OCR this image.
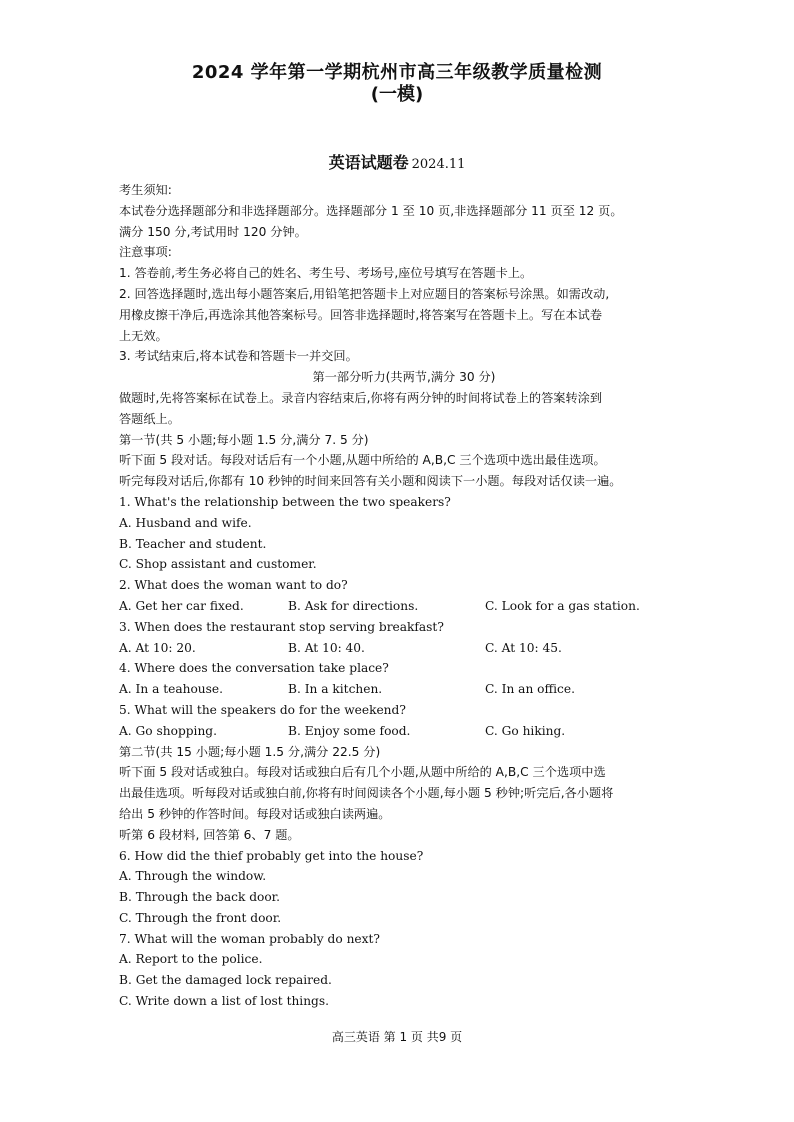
2024 学年第一学期杭州市高三年级教学质量检测
(一模)
英语试题卷 2024.11
考生须知:
本试卷分选择题部分和非选择题部分。选择题部分 1 至 10 页,非选择题部分 11 页至 12 页。
满分 150 分,考试用时 120 分钟。
注意事项:
1. 答卷前,考生务必将自己的姓名、考生号、考场号,座位号填写在答题卡上。
2. 回答选择题时,选出每小题答案后,用铅笔把答题卡上对应题目的答案标号涂黑。如需改动,
用橡皮擦干净后,再选涂其他答案标号。回答非选择题时,将答案写在答题卡上。写在本试卷
上无效。
3. 考试结束后,将本试卷和答题卡一并交回。
第一部分听力(共两节,满分 30 分)
做题时,先将答案标在试卷上。录音内容结束后,你将有两分钟的时间将试卷上的答案转涂到
答题纸上。
第一节(共 5 小题;每小题 1.5 分,满分 7. 5 分)
听下面 5 段对话。每段对话后有一个小题,从题中所给的 A,B,C 三个选项中选出最佳选项。
听完每段对话后,你都有 10 秒钟的时间来回答有关小题和阅读下一小题。每段对话仅读一遍。
1. What's the relationship between the two speakers?
A. Husband and wife.
B. Teacher and student.
C. Shop assistant and customer.
2. What does the woman want to do?
A. Get her car fixed.	B. Ask for directions.	C. Look for a gas station.
3. When does the restaurant stop serving breakfast?
A. At 10: 20.	B. At 10: 40.	C. At 10: 45.
4. Where does the conversation take place?
A. In a teahouse.	B. In a kitchen.	C. In an office.
5. What will the speakers do for the weekend?
A. Go shopping.	B. Enjoy some food.	C. Go hiking.
第二节(共 15 小题;每小题 1.5 分,满分 22.5 分)
听下面 5 段对话或独白。每段对话或独白后有几个小题,从题中所给的 A,B,C 三个选项中选
出最佳选项。听每段对话或独白前,你将有时间阅读各个小题,每小题 5 秒钟;听完后,各小题将
给出 5 秒钟的作答时间。每段对话或独白读两遍。
听第 6 段材料, 回答第 6、7 题。
6. How did the thief probably get into the house?
A. Through the window.
B. Through the back door.
C. Through the front door.
7. What will the woman probably do next?
A. Report to the police.
B. Get the damaged lock repaired.
C. Write down a list of lost things.
高三英语 第 1 页 共9 页
